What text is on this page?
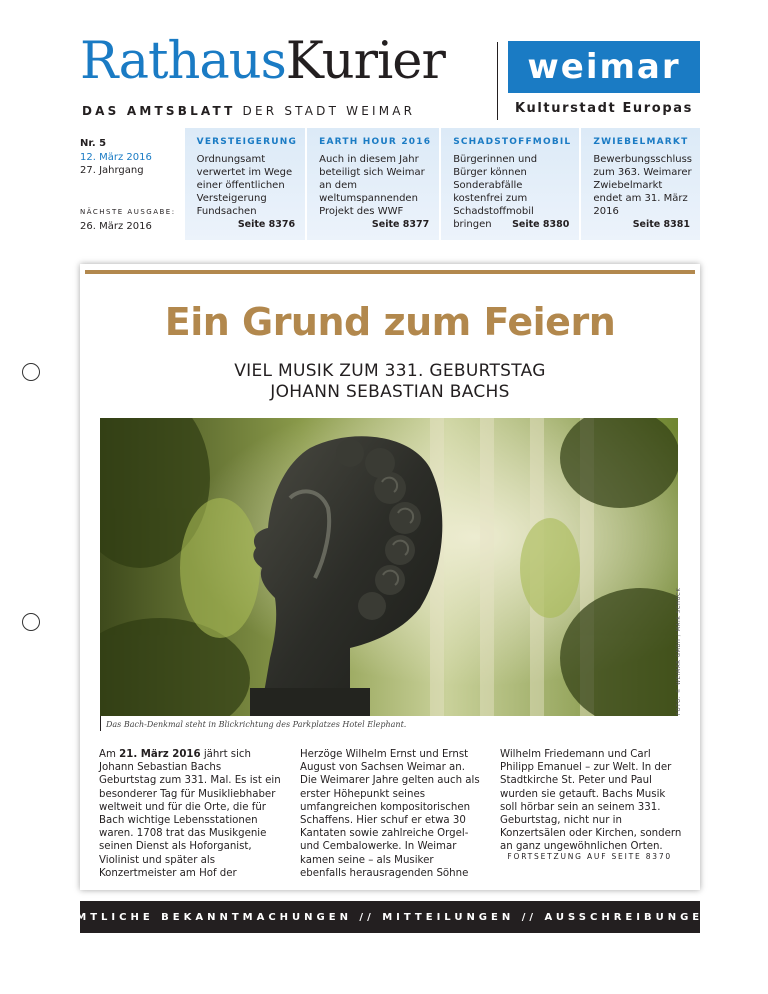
RathausKurier
DAS AMTSBLATT DER STADT WEIMAR
weimar
Kulturstadt Europas
Nr. 5
12. März 2016
27. Jahrgang
NÄCHSTE AUSGABE:
26. März 2016
VERSTEIGERUNG
Ordnungsamt verwertet im Wege einer öffentlichen Versteigerung Fundsachen
Seite 8376
EARTH HOUR 2016
Auch in diesem Jahr beteiligt sich Weimar an dem weltumspannenden Projekt des WWF
Seite 8377
SCHADSTOFFMOBIL
Bürgerinnen und Bürger können Sonderabfälle kostenfrei zum Schadstoffmobil bringen	Seite 8380
ZWIEBELMARKT
Bewerbungsschluss zum 363. Weimarer Zwiebelmarkt endet am 31. März 2016
Seite 8381
Ein Grund zum Feiern
VIEL MUSIK ZUM 331. GEBURTSTAG
JOHANN SEBASTIAN BACHS
FOTO: © WEIMAR GMBH / MAIK SCHUCK
Das Bach-Denkmal steht in Blickrichtung des Parkplatzes Hotel Elephant.
Am 21. März 2016 jährt sich Johann Sebastian Bachs Geburtstag zum 331. Mal. Es ist ein besonderer Tag für Musikliebhaber weltweit und für die Orte, die für Bach wichtige Lebensstationen waren. 1708 trat das Musikgenie seinen Dienst als Hoforganist, Violinist und später als Konzertmeister am Hof der
Herzöge Wilhelm Ernst und Ernst August von Sachsen Weimar an. Die Weimarer Jahre gelten auch als erster Höhepunkt seines umfangreichen kompositorischen Schaffens. Hier schuf er etwa 30 Kantaten sowie zahlreiche Orgel- und Cembalowerke. In Weimar kamen seine – als Musiker ebenfalls herausragenden Söhne
Wilhelm Friedemann und Carl Philipp Emanuel – zur Welt. In der Stadtkirche St. Peter und Paul wurden sie getauft. Bachs Musik soll hörbar sein an seinem 331. Geburtstag, nicht nur in Konzertsälen oder Kirchen, sondern an ganz ungewöhnlichen Orten.
FORTSETZUNG AUF SEITE 8370
// AMTLICHE BEKANNTMACHUNGEN // MITTEILUNGEN // AUSSCHREIBUNGEN //
